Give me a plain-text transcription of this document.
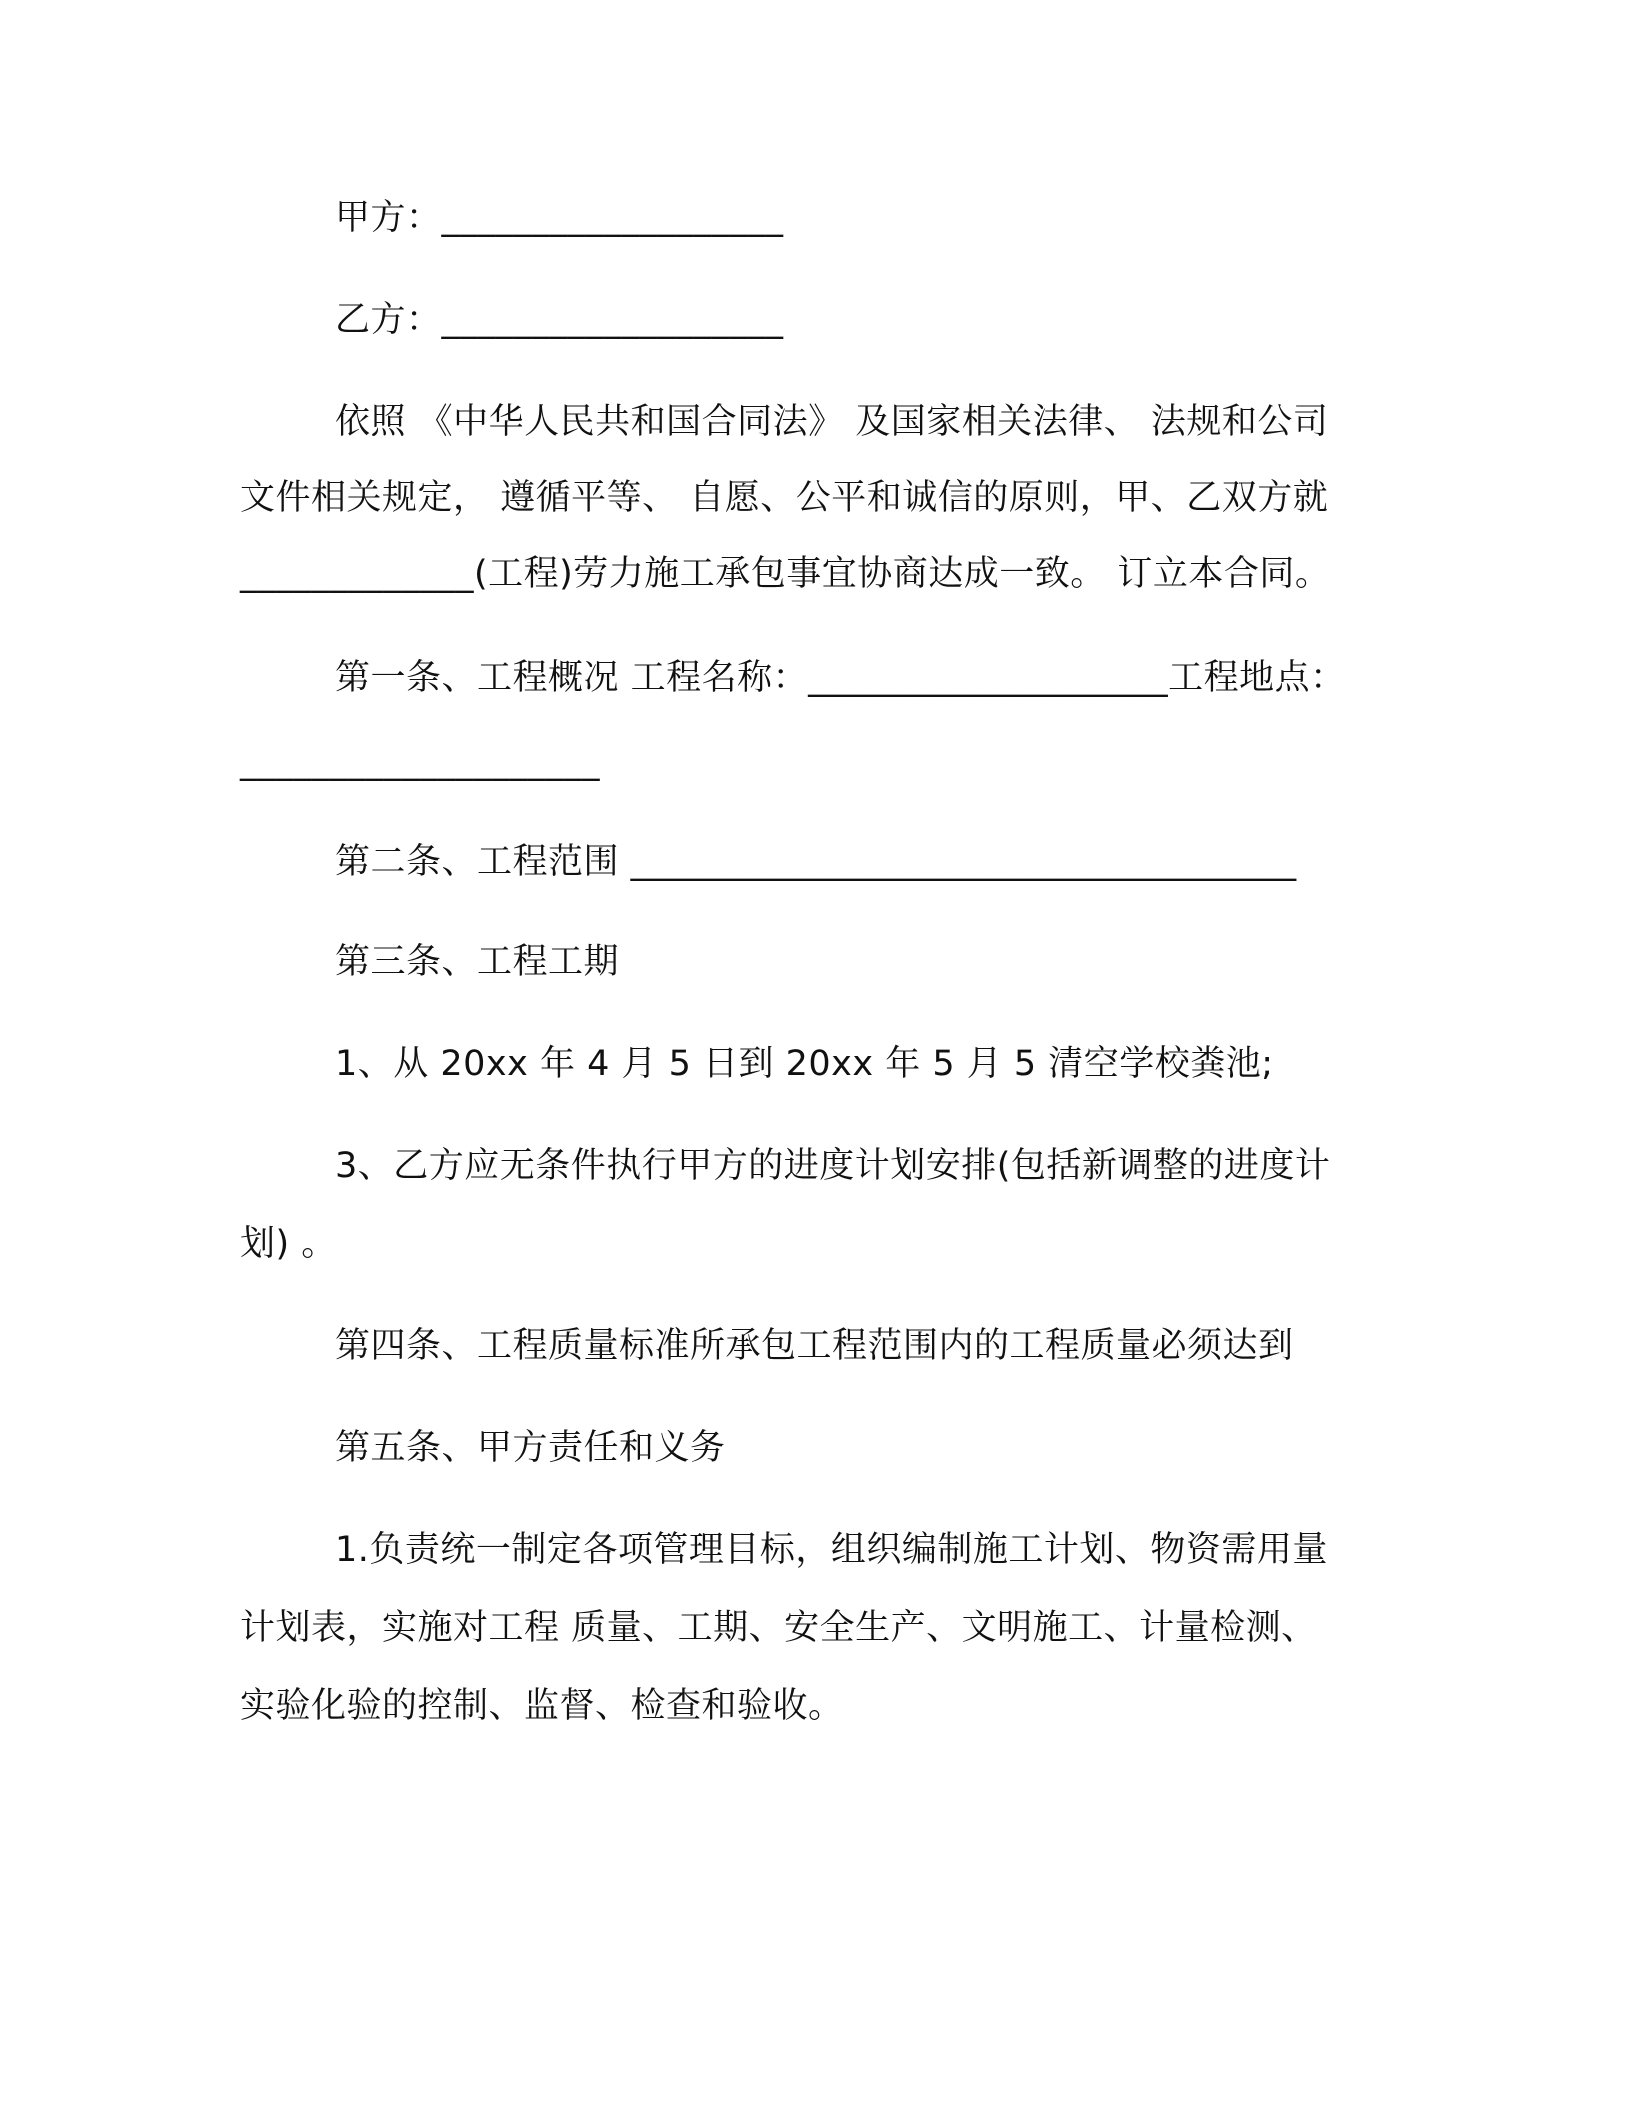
甲方：___________________
乙方：___________________
依照 《中华人民共和国合同法》 及国家相关法律、 法规和公司
文件相关规定， 遵循平等、 自愿、公平和诚信的原则，甲、乙双方就
_____________(工程)劳力施工承包事宜协商达成一致。 订立本合同。
第一条、工程概况 工程名称：____________________工程地点：
____________________
第二条、工程范围 _____________________________________
第三条、工程工期
1、从 20xx 年 4 月 5 日到 20xx 年 5 月 5 清空学校粪池;
3、乙方应无条件执行甲方的进度计划安排(包括新调整的进度计
划) 。
第四条、工程质量标准所承包工程范围内的工程质量必须达到
第五条、甲方责任和义务
1.负责统一制定各项管理目标，组织编制施工计划、物资需用量
计划表，实施对工程 质量、工期、安全生产、文明施工、计量检测、
实验化验的控制、监督、检查和验收。
